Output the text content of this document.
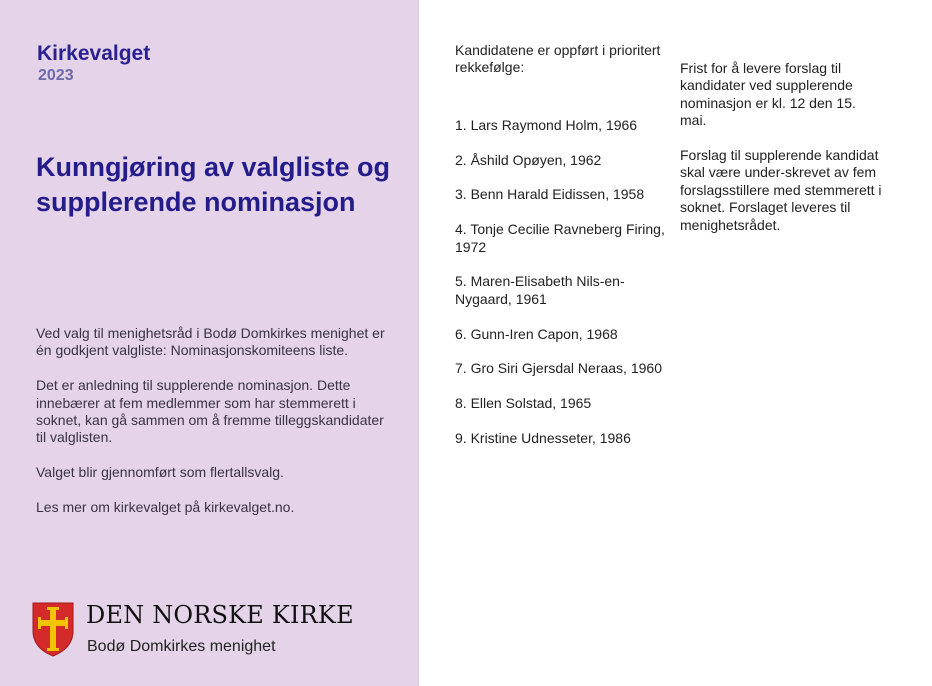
Kirkevalget
2023
Kunngjøring av valgliste og supplerende nominasjon

Ved valg til menighetsråd i Bodø Domkirkes menighet er én godkjent valgliste: Nominasjonskomiteens liste.

Det er anledning til supplerende nominasjon. Dette innebærer at fem medlemmer som har stemmerett i soknet, kan gå sammen om å fremme tilleggskandidater til valglisten.

Valget blir gjennomført som flertallsvalg.

Les mer om kirkevalget på kirkevalget.no.

DEN NORSKE KIRKE
Bodø Domkirkes menighet

Kandidatene er oppført i prioritert rekkefølge:

1. Lars Raymond Holm, 1966
2. Åshild Opøyen, 1962
3. Benn Harald Eidissen, 1958
4. Tonje Cecilie Ravneberg Firing, 1972
5. Maren-Elisabeth Nils-en-Nygaard, 1961
6. Gunn-Iren Capon, 1968
7. Gro Siri Gjersdal Neraas, 1960
8. Ellen Solstad, 1965
9. Kristine Udnesseter, 1986

Frist for å levere forslag til kandidater ved supplerende nominasjon er kl. 12 den 15. mai.

Forslag til supplerende kandidat skal være under-skrevet av fem forslagsstillere med stemmerett i soknet. Forslaget leveres til menighetsrådet.
